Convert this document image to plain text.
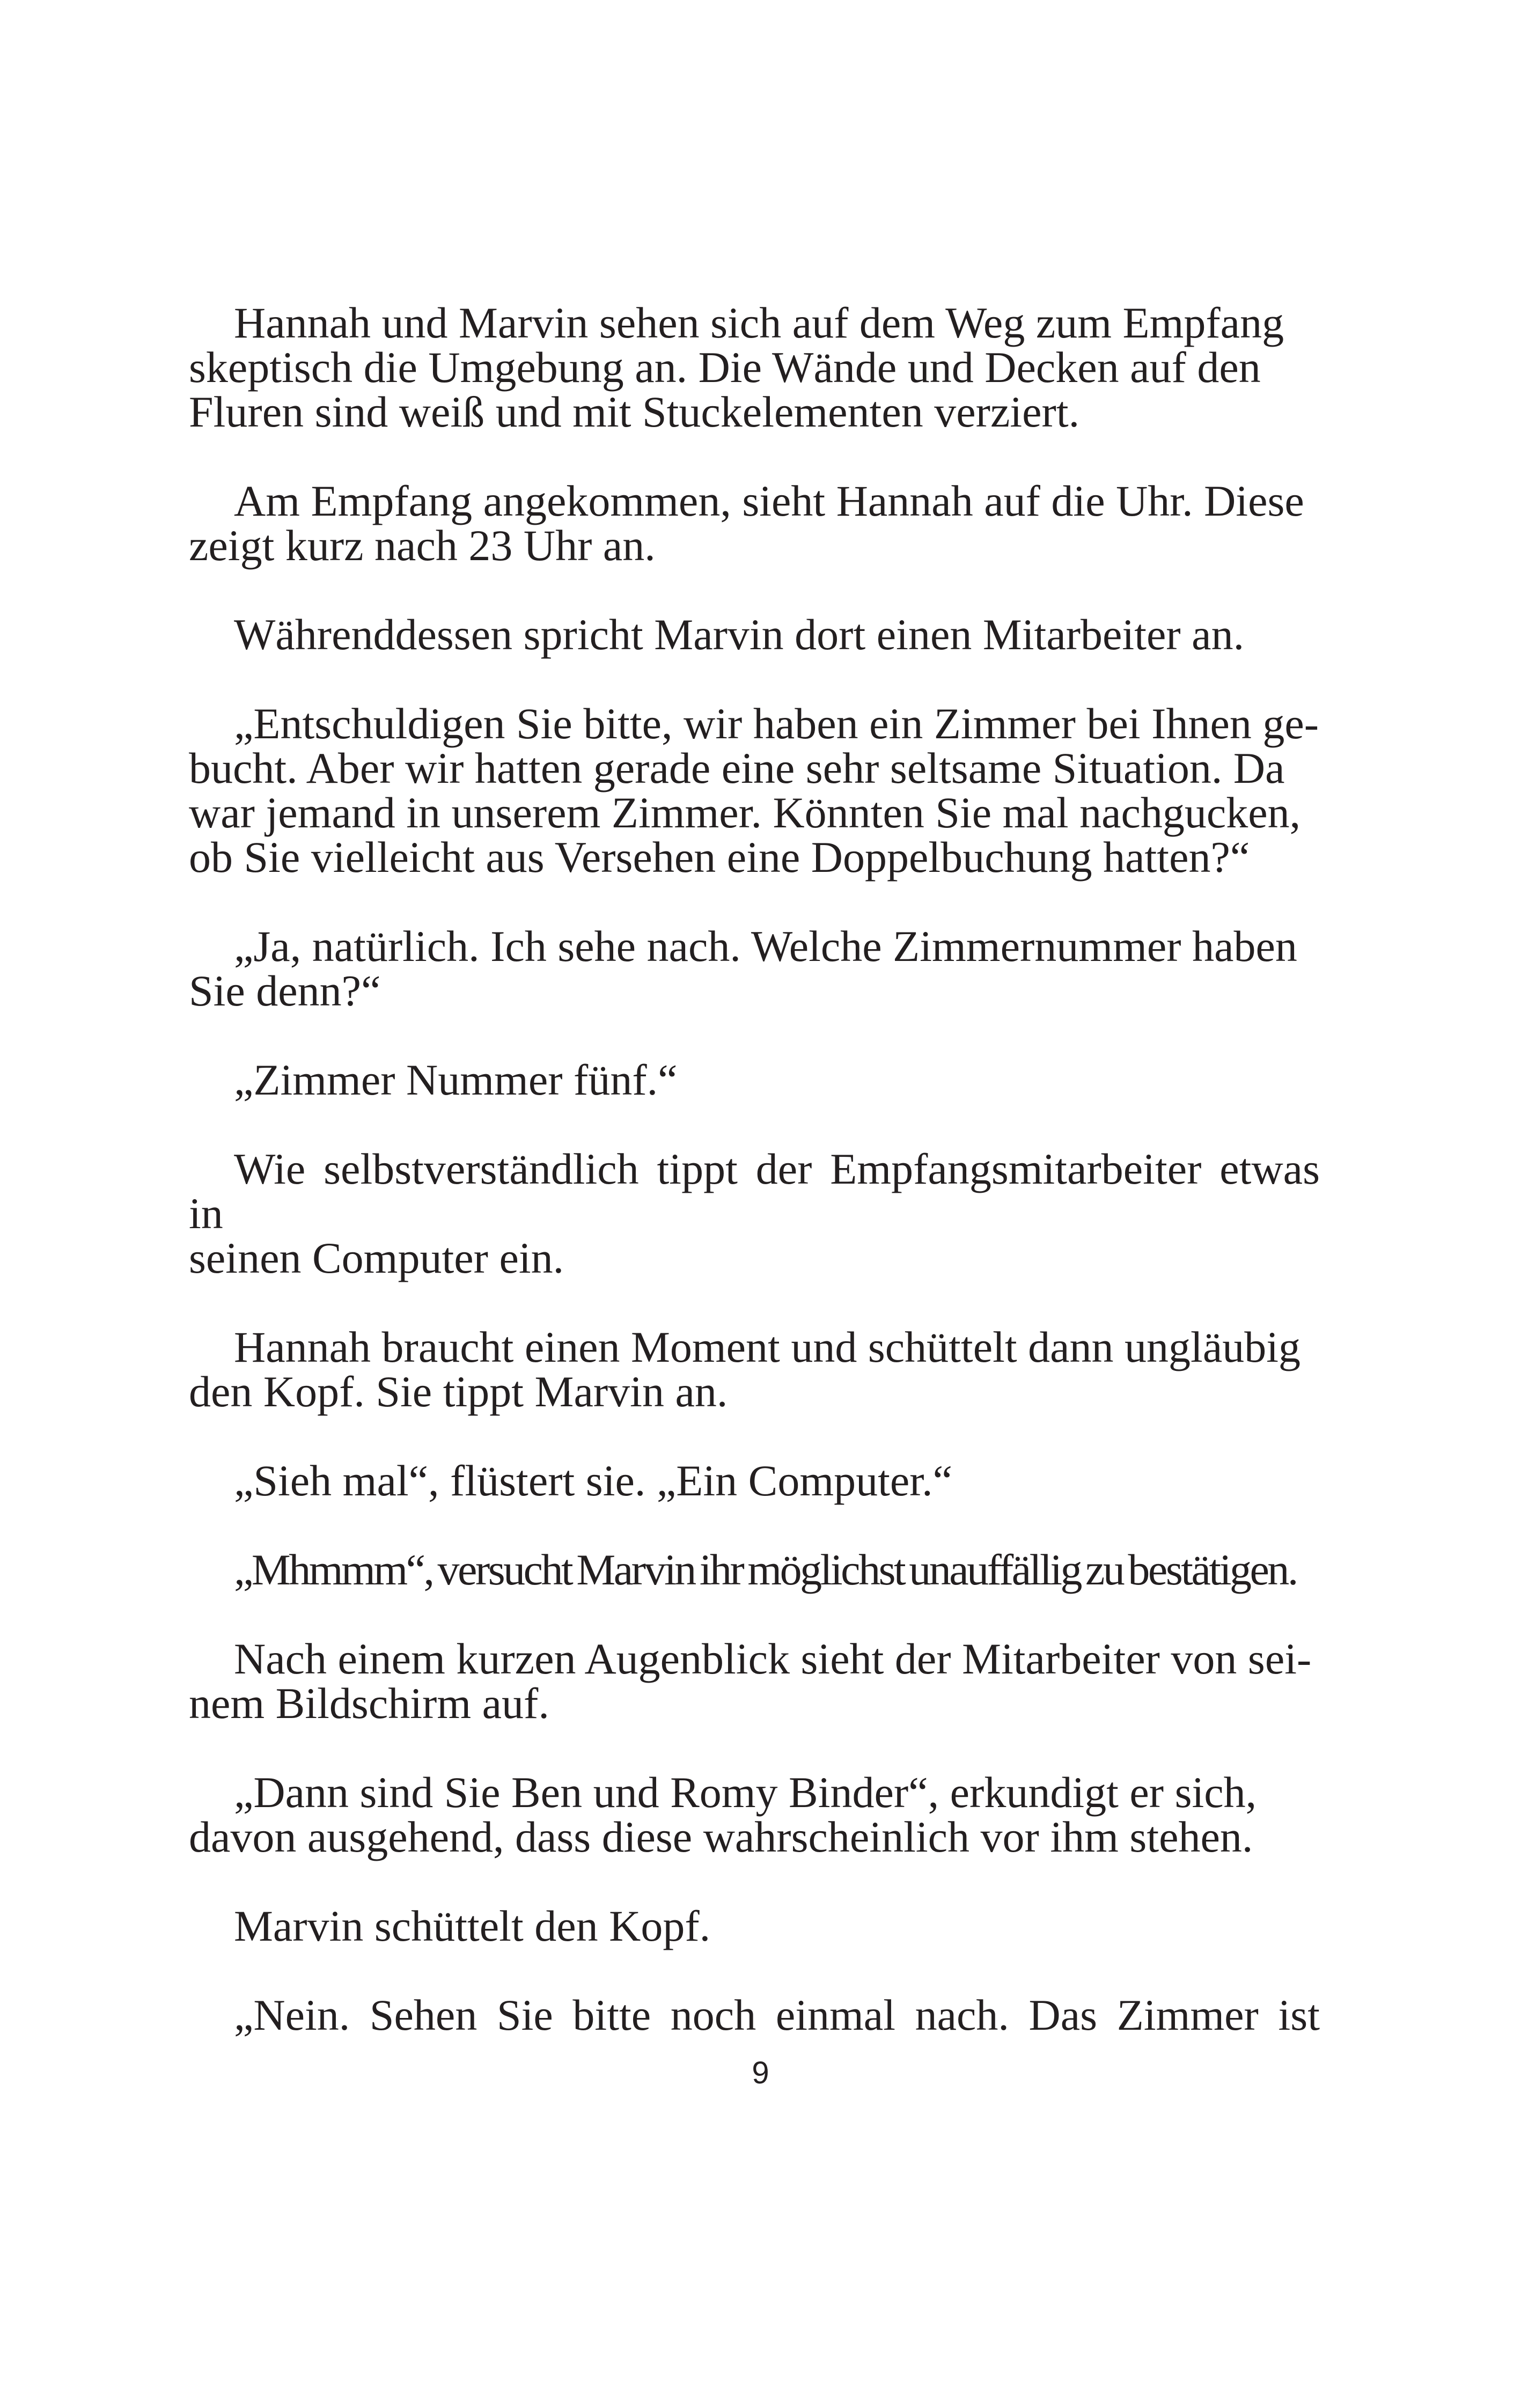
Hannah und Marvin sehen sich auf dem Weg zum Empfang
skeptisch die Umgebung an. Die Wände und Decken auf den
Fluren sind weiß und mit Stuckelementen verziert.

Am Empfang angekommen, sieht Hannah auf die Uhr. Diese
zeigt kurz nach 23 Uhr an.

Währenddessen spricht Marvin dort einen Mitarbeiter an.

„Entschuldigen Sie bitte, wir haben ein Zimmer bei Ihnen ge-
bucht. Aber wir hatten gerade eine sehr seltsame Situation. Da
war jemand in unserem Zimmer. Könnten Sie mal nachgucken,
ob Sie vielleicht aus Versehen eine Doppelbuchung hatten?“

„Ja, natürlich. Ich sehe nach. Welche Zimmernummer haben
Sie denn?“

„Zimmer Nummer fünf.“

Wie selbstverständlich tippt der Empfangsmitarbeiter etwas in
seinen Computer ein.

Hannah braucht einen Moment und schüttelt dann ungläubig
den Kopf. Sie tippt Marvin an.

„Sieh mal“, flüstert sie. „Ein Computer.“

„Mhmmm“, versucht Marvin ihr möglichst unauffällig zu bestätigen.

Nach einem kurzen Augenblick sieht der Mitarbeiter von sei-
nem Bildschirm auf.

„Dann sind Sie Ben und Romy Binder“, erkundigt er sich,
davon ausgehend, dass diese wahrscheinlich vor ihm stehen.

Marvin schüttelt den Kopf.

„Nein. Sehen Sie bitte noch einmal nach. Das Zimmer ist

9
